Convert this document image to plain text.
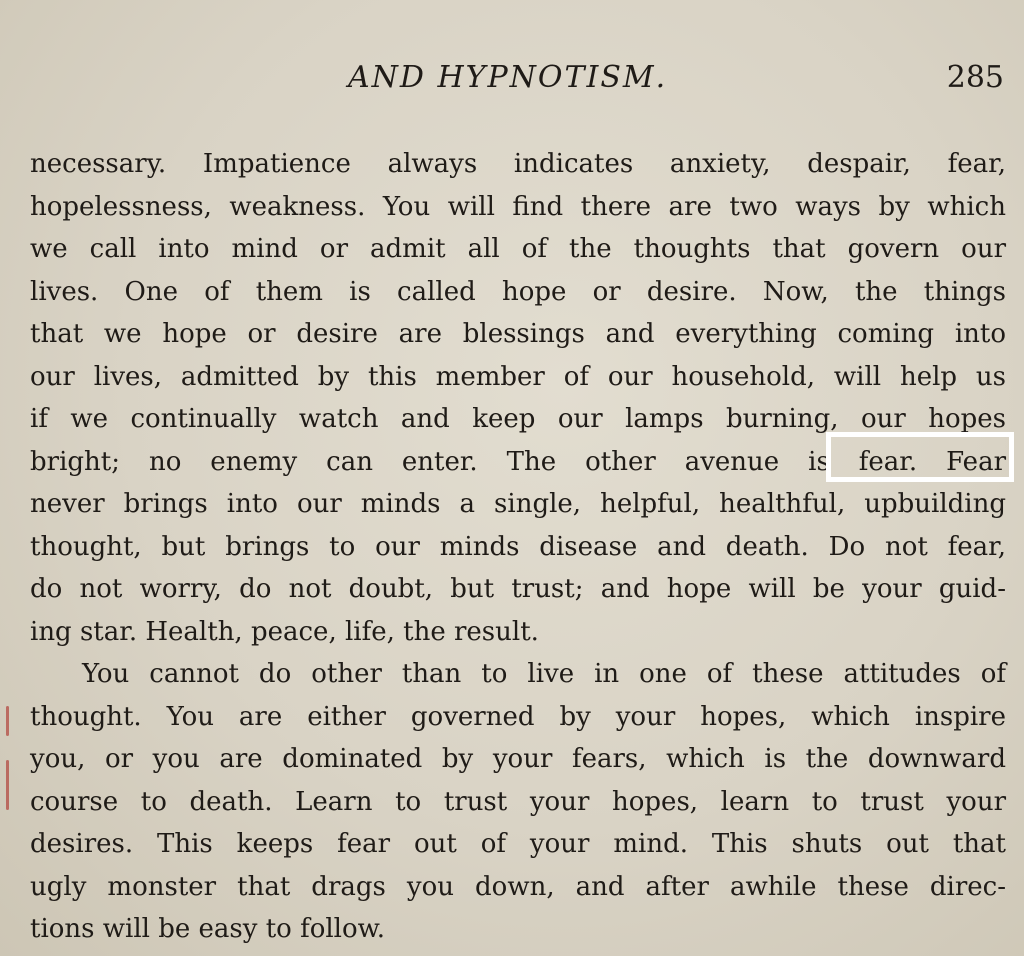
AND HYPNOTISM.	285
necessary. Impatience always indicates anxiety, despair, fear,
hopelessness, weakness. You will find there are two ways by which
we call into mind or admit all of the thoughts that govern our
lives. One of them is called hope or desire. Now, the things
that we hope or desire are blessings and everything coming into
our lives, admitted by this member of our household, will help us
if we continually watch and keep our lamps burning, our hopes
bright; no enemy can enter. The other avenue is fear. Fear
never brings into our minds a single, helpful, healthful, upbuilding
thought, but brings to our minds disease and death. Do not fear,
do not worry, do not doubt, but trust; and hope will be your guid-
ing star. Health, peace, life, the result.
You cannot do other than to live in one of these attitudes of
thought. You are either governed by your hopes, which inspire
you, or you are dominated by your fears, which is the downward
course to death. Learn to trust your hopes, learn to trust your
desires. This keeps fear out of your mind. This shuts out that
ugly monster that drags you down, and after awhile these direc-
tions will be easy to follow.
